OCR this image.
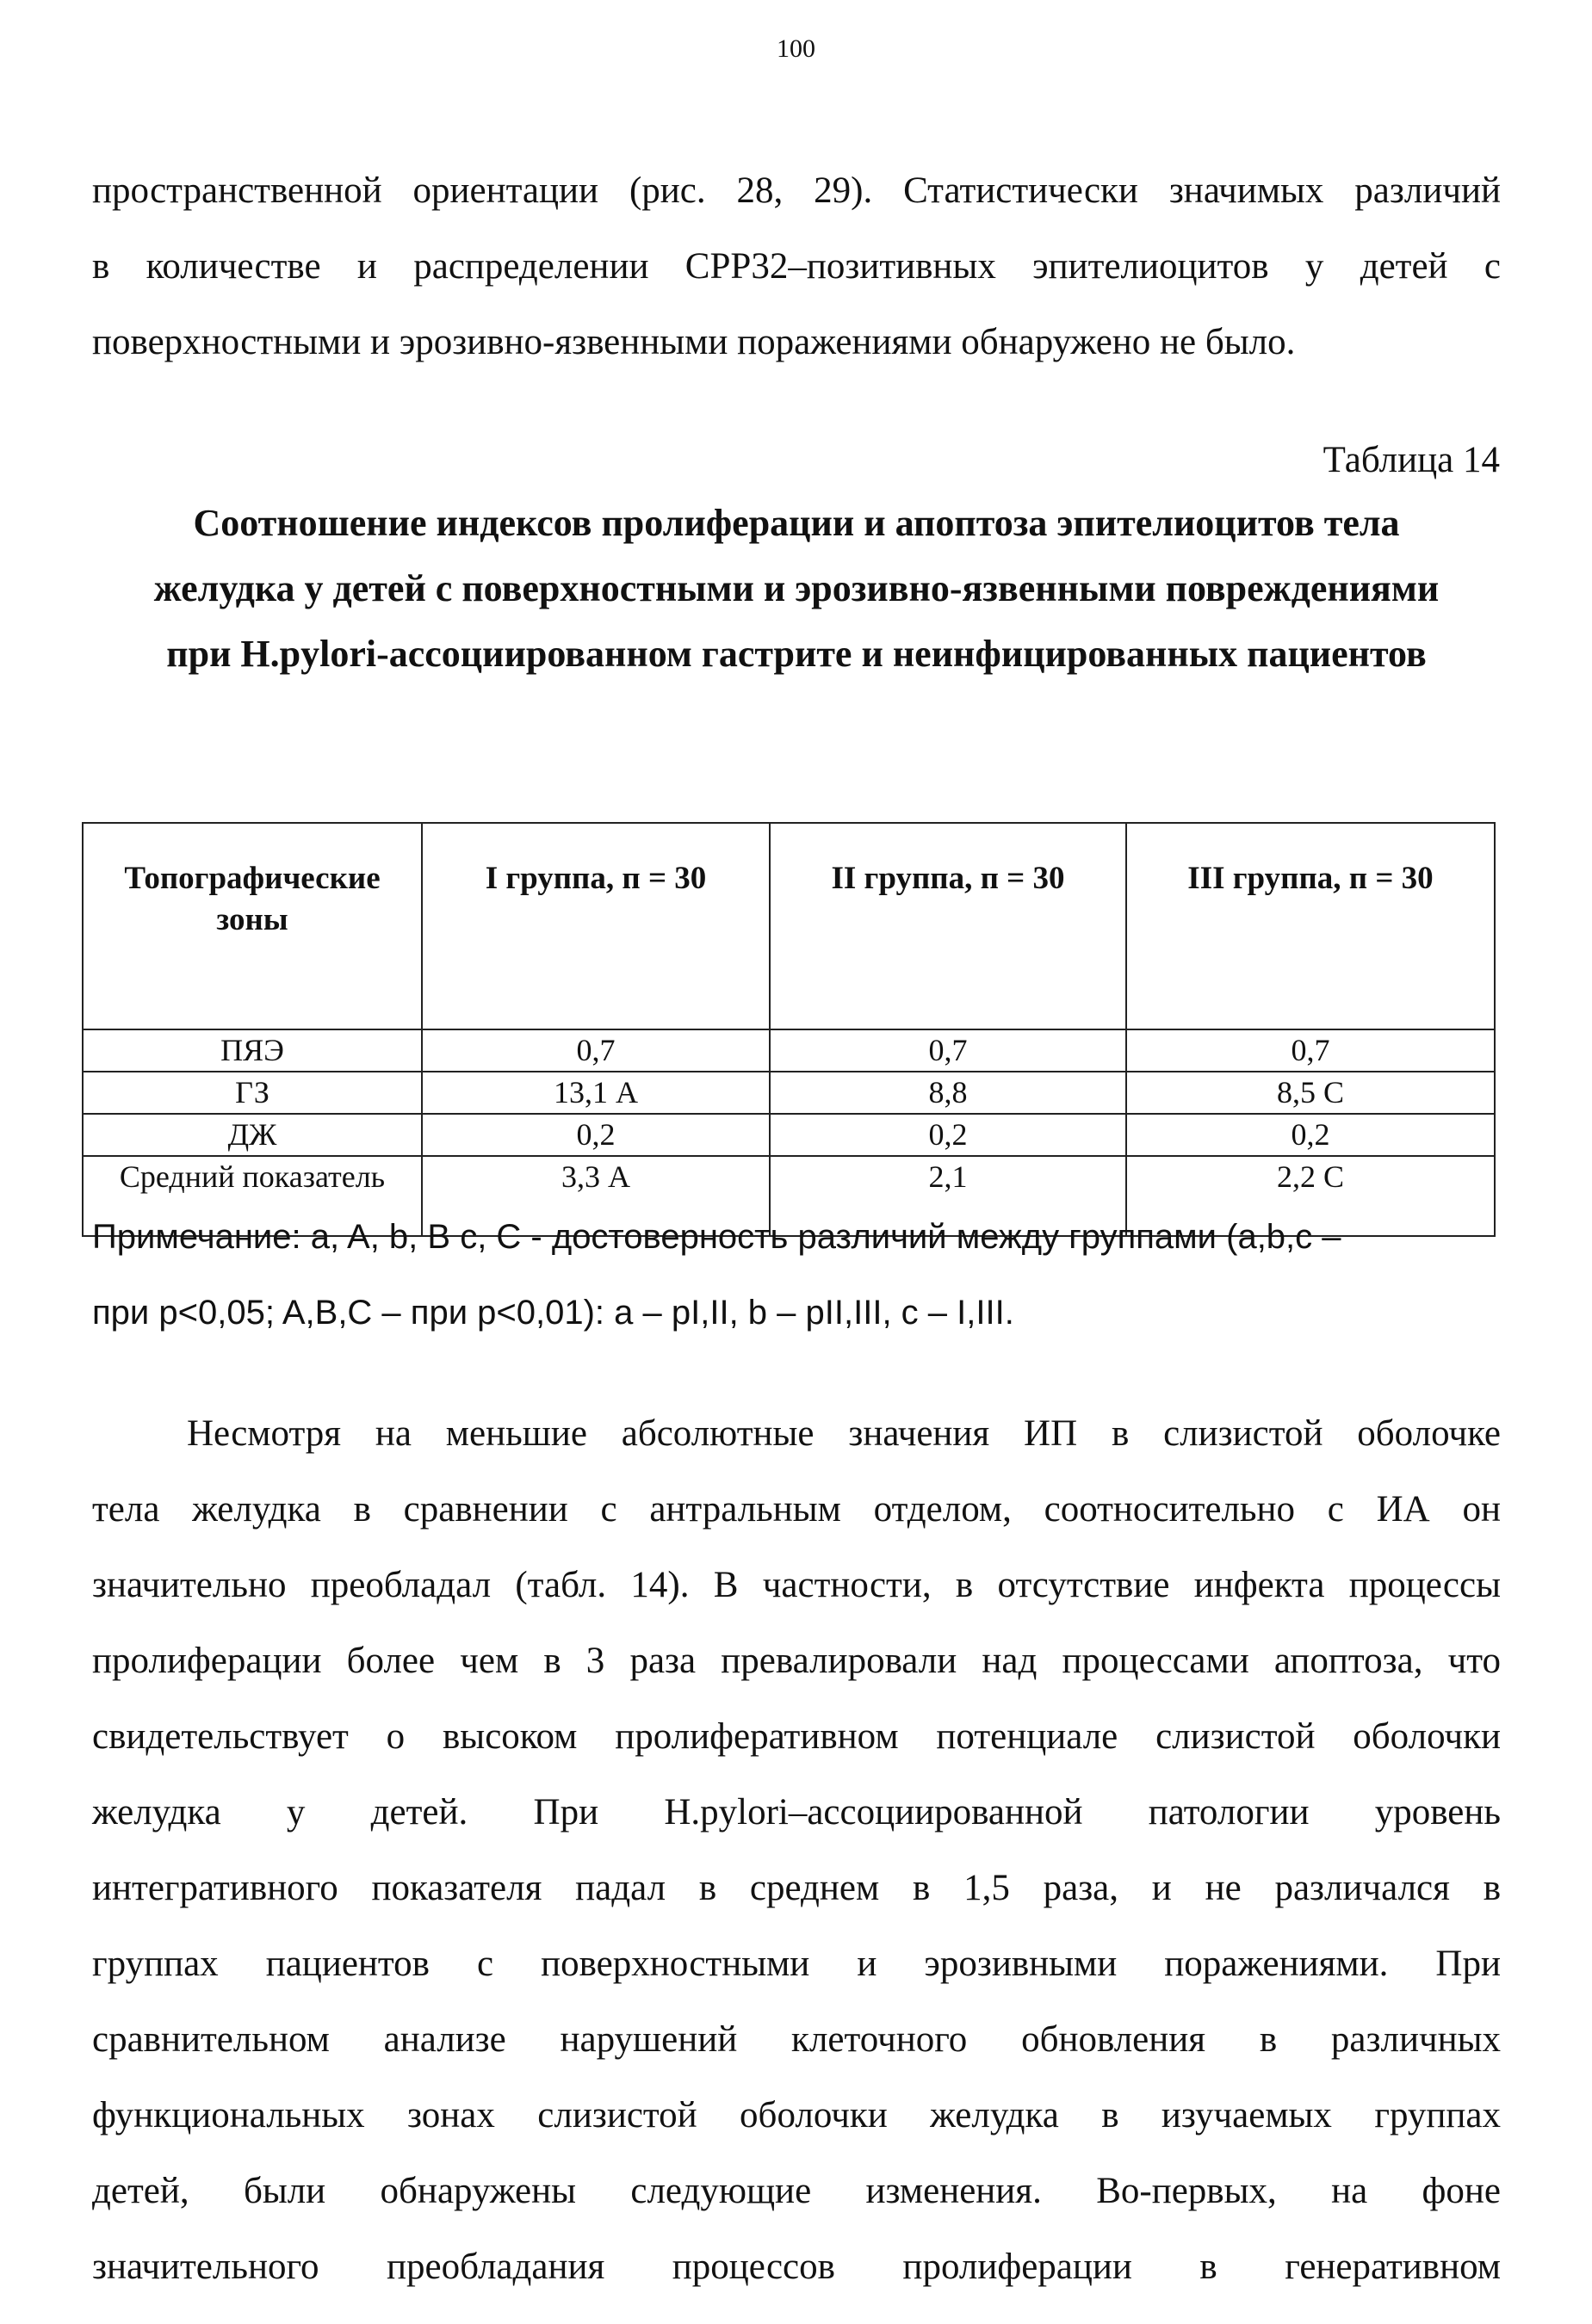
100

пространственной ориентации (рис. 28, 29). Статистически значимых различий
в количестве и распределении CPP32–позитивных эпителиоцитов у детей с
поверхностными и эрозивно-язвенными поражениями обнаружено не было.

Таблица 14

Соотношение индексов пролиферации и апоптоза эпителиоцитов тела
желудка у детей с поверхностными и эрозивно-язвенными повреждениями
при H.pylori-ассоциированном гастрите и неинфицированных пациентов

Топографические
зоны	I группа, п = 30	II группа, п = 30	III группа, п = 30
ПЯЭ	0,7	0,7	0,7
ГЗ	13,1 А	8,8	8,5 С
ДЖ	0,2	0,2	0,2
Средний показатель	3,3 А	2,1	2,2 С

Примечание: a, A, b, B c, C - достоверность различий между группами (a,b,c –
при p<0,05; A,B,C – при p<0,01): a – pI,II, b – pII,III, c – I,III.

Несмотря на меньшие абсолютные значения ИП в слизистой оболочке
тела желудка в сравнении с антральным отделом, соотносительно с ИА он
значительно преобладал (табл. 14). В частности, в отсутствие инфекта процессы
пролиферации более чем в 3 раза превалировали над процессами апоптоза, что
свидетельствует о высоком пролиферативном потенциале слизистой оболочки
желудка у детей. При H.pylori–ассоциированной патологии уровень
интегративного показателя падал в среднем в 1,5 раза, и не различался в
группах пациентов с поверхностными и эрозивными поражениями. При
сравнительном анализе нарушений клеточного обновления в различных
функциональных зонах слизистой оболочки желудка в изучаемых группах
детей, были обнаружены следующие изменения. Во-первых, на фоне
значительного преобладания процессов пролиферации в генеративном
